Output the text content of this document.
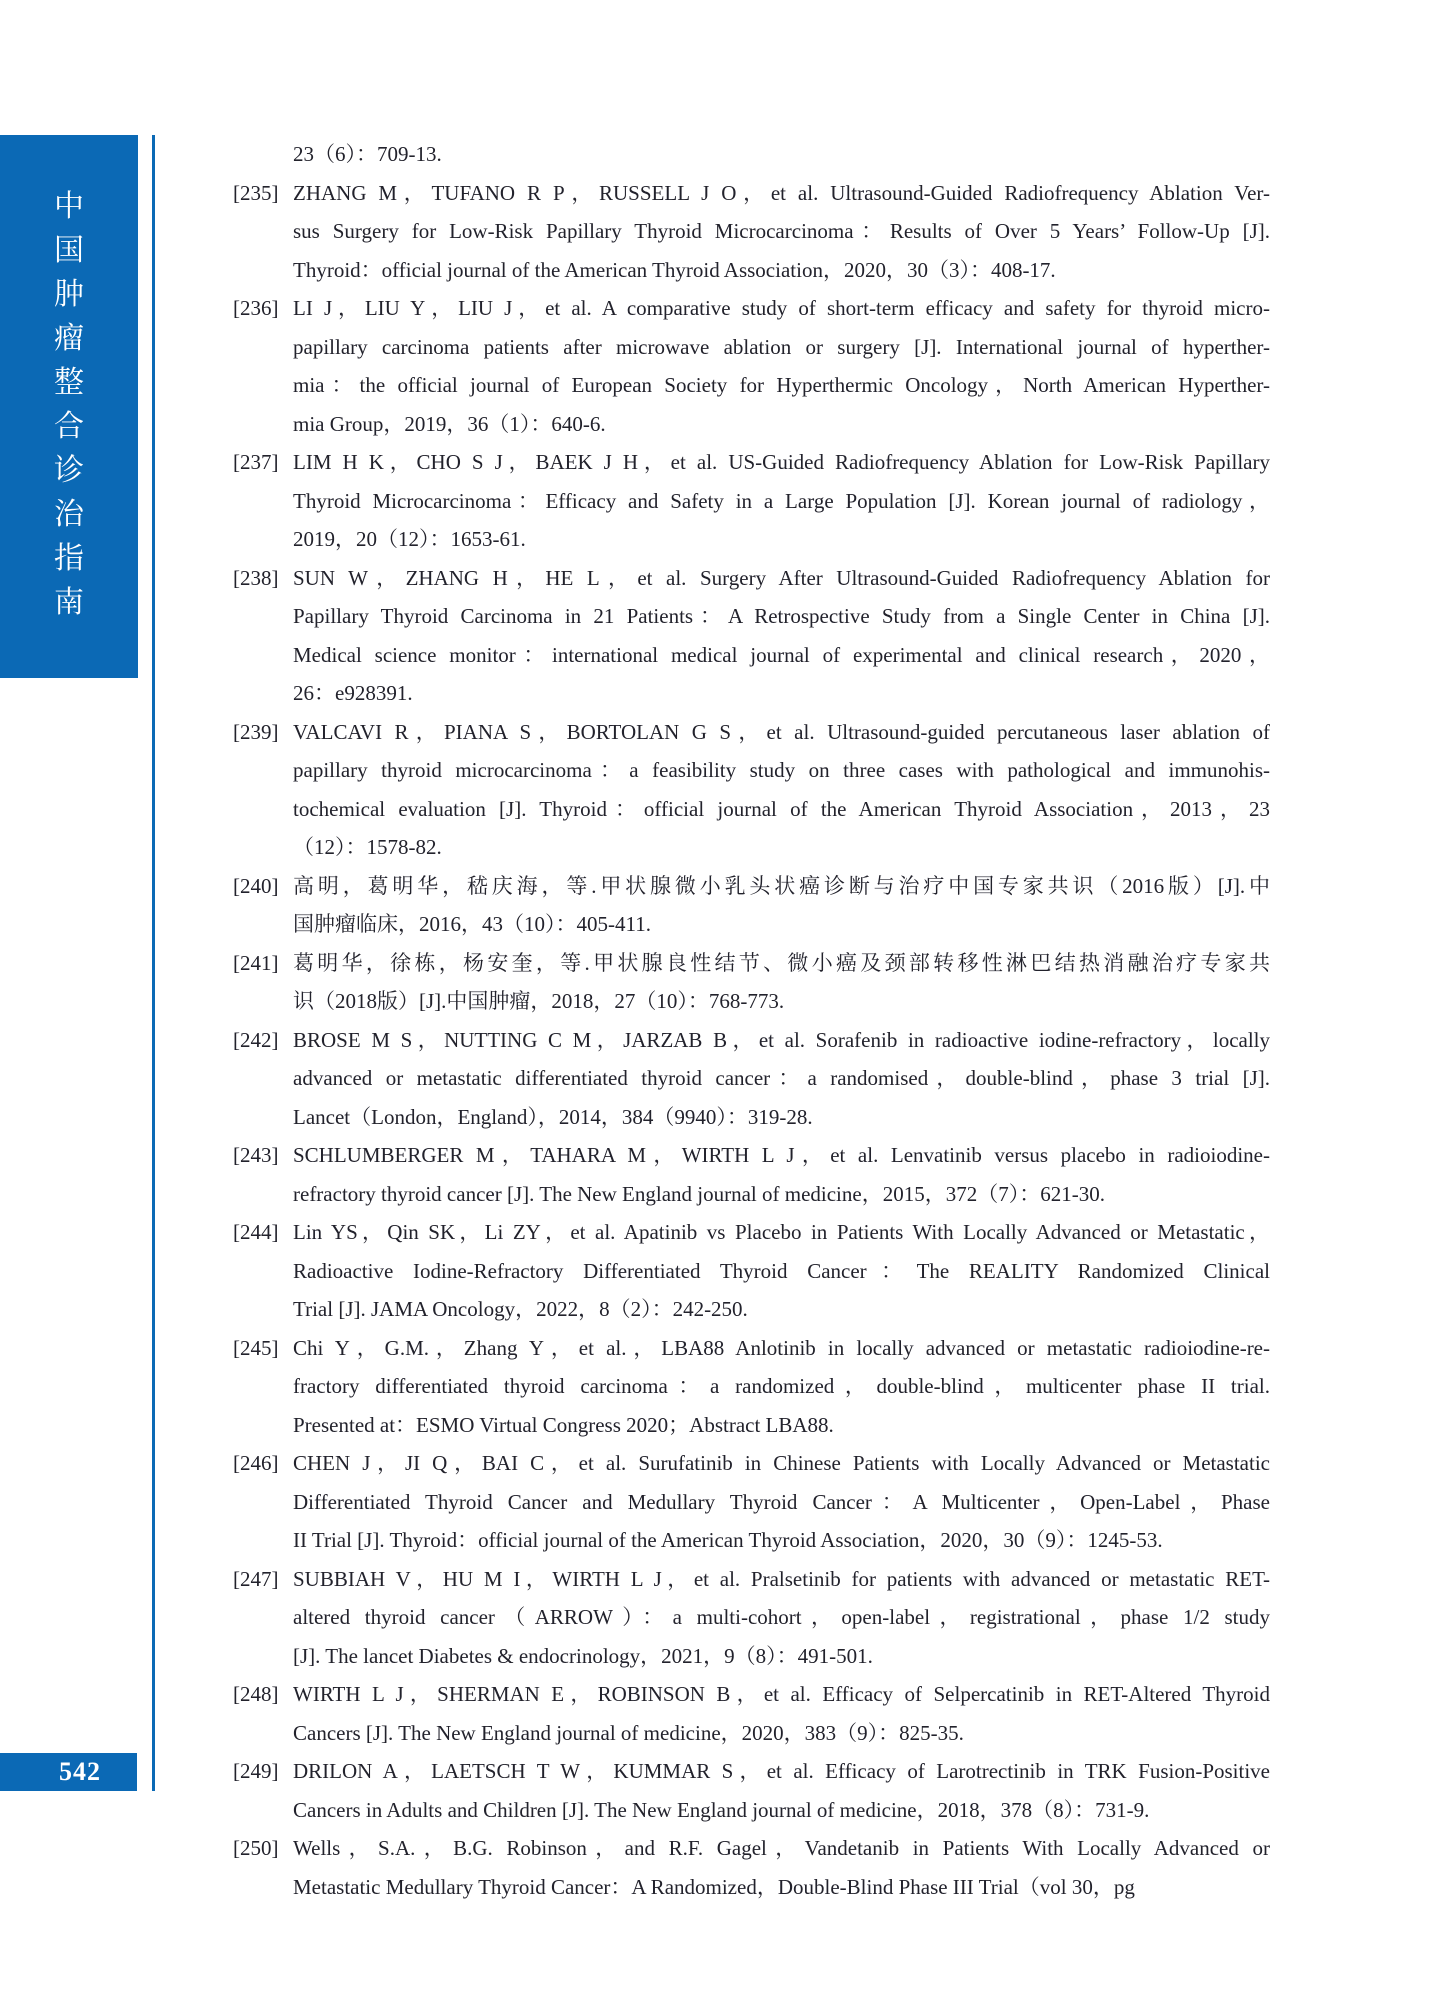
中
国
肿
瘤
整
合
诊
治
指
南
542
23（6）：709-13.
[235] ZHANG M，TUFANO R P，RUSSELL J O，et al. Ultrasound-Guided Radiofrequency Ablation Ver-
sus Surgery for Low-Risk Papillary Thyroid Microcarcinoma：Results of Over 5 Years’ Follow-Up [J].
Thyroid：official journal of the American Thyroid Association，2020，30（3）：408-17.
[236] LI J，LIU Y，LIU J，et al. A comparative study of short-term efficacy and safety for thyroid micro-
papillary carcinoma patients after microwave ablation or surgery [J]. International journal of hyperther-
mia：the official journal of European Society for Hyperthermic Oncology，North American Hyperther-
mia Group，2019，36（1）：640-6.
[237] LIM H K，CHO S J，BAEK J H，et al. US-Guided Radiofrequency Ablation for Low-Risk Papillary
Thyroid Microcarcinoma：Efficacy and Safety in a Large Population [J]. Korean journal of radiology，
2019，20（12）：1653-61.
[238] SUN W，ZHANG H，HE L，et al. Surgery After Ultrasound-Guided Radiofrequency Ablation for
Papillary Thyroid Carcinoma in 21 Patients：A Retrospective Study from a Single Center in China [J].
Medical science monitor：international medical journal of experimental and clinical research，2020，
26：e928391.
[239] VALCAVI R，PIANA S，BORTOLAN G S，et al. Ultrasound-guided percutaneous laser ablation of
papillary thyroid microcarcinoma：a feasibility study on three cases with pathological and immunohis-
tochemical evaluation [J]. Thyroid：official journal of the American Thyroid Association，2013，23
（12）：1578-82.
[240] 高明，葛明华，嵇庆海，等.甲状腺微小乳头状癌诊断与治疗中国专家共识（2016版）[J].中
国肿瘤临床，2016，43（10）：405-411.
[241] 葛明华，徐栋，杨安奎，等.甲状腺良性结节、微小癌及颈部转移性淋巴结热消融治疗专家共
识（2018版）[J].中国肿瘤，2018，27（10）：768-773.
[242] BROSE M S，NUTTING C M，JARZAB B，et al. Sorafenib in radioactive iodine-refractory，locally
advanced or metastatic differentiated thyroid cancer：a randomised，double-blind，phase 3 trial [J].
Lancet（London，England），2014，384（9940）：319-28.
[243] SCHLUMBERGER M，TAHARA M，WIRTH L J，et al. Lenvatinib versus placebo in radioiodine-
refractory thyroid cancer [J]. The New England journal of medicine，2015，372（7）：621-30.
[244] Lin YS，Qin SK，Li ZY，et al. Apatinib vs Placebo in Patients With Locally Advanced or Metastatic，
Radioactive Iodine-Refractory Differentiated Thyroid Cancer：The REALITY Randomized Clinical
Trial [J]. JAMA Oncology，2022，8（2）：242-250.
[245] Chi Y，G.M.，Zhang Y，et al.，LBA88 Anlotinib in locally advanced or metastatic radioiodine-re-
fractory differentiated thyroid carcinoma：a randomized，double-blind，multicenter phase II trial.
Presented at：ESMO Virtual Congress 2020；Abstract LBA88.
[246] CHEN J，JI Q，BAI C，et al. Surufatinib in Chinese Patients with Locally Advanced or Metastatic
Differentiated Thyroid Cancer and Medullary Thyroid Cancer：A Multicenter，Open-Label，Phase
II Trial [J]. Thyroid：official journal of the American Thyroid Association，2020，30（9）：1245-53.
[247] SUBBIAH V，HU M I，WIRTH L J，et al. Pralsetinib for patients with advanced or metastatic RET-
altered thyroid cancer（ARROW）：a multi-cohort，open-label，registrational，phase 1/2 study
[J]. The lancet Diabetes & endocrinology，2021，9（8）：491-501.
[248] WIRTH L J，SHERMAN E，ROBINSON B，et al. Efficacy of Selpercatinib in RET-Altered Thyroid
Cancers [J]. The New England journal of medicine，2020，383（9）：825-35.
[249] DRILON A，LAETSCH T W，KUMMAR S，et al. Efficacy of Larotrectinib in TRK Fusion-Positive
Cancers in Adults and Children [J]. The New England journal of medicine，2018，378（8）：731-9.
[250] Wells，S.A.，B.G. Robinson，and R.F. Gagel，Vandetanib in Patients With Locally Advanced or
Metastatic Medullary Thyroid Cancer：A Randomized，Double-Blind Phase III Trial（vol 30，pg
